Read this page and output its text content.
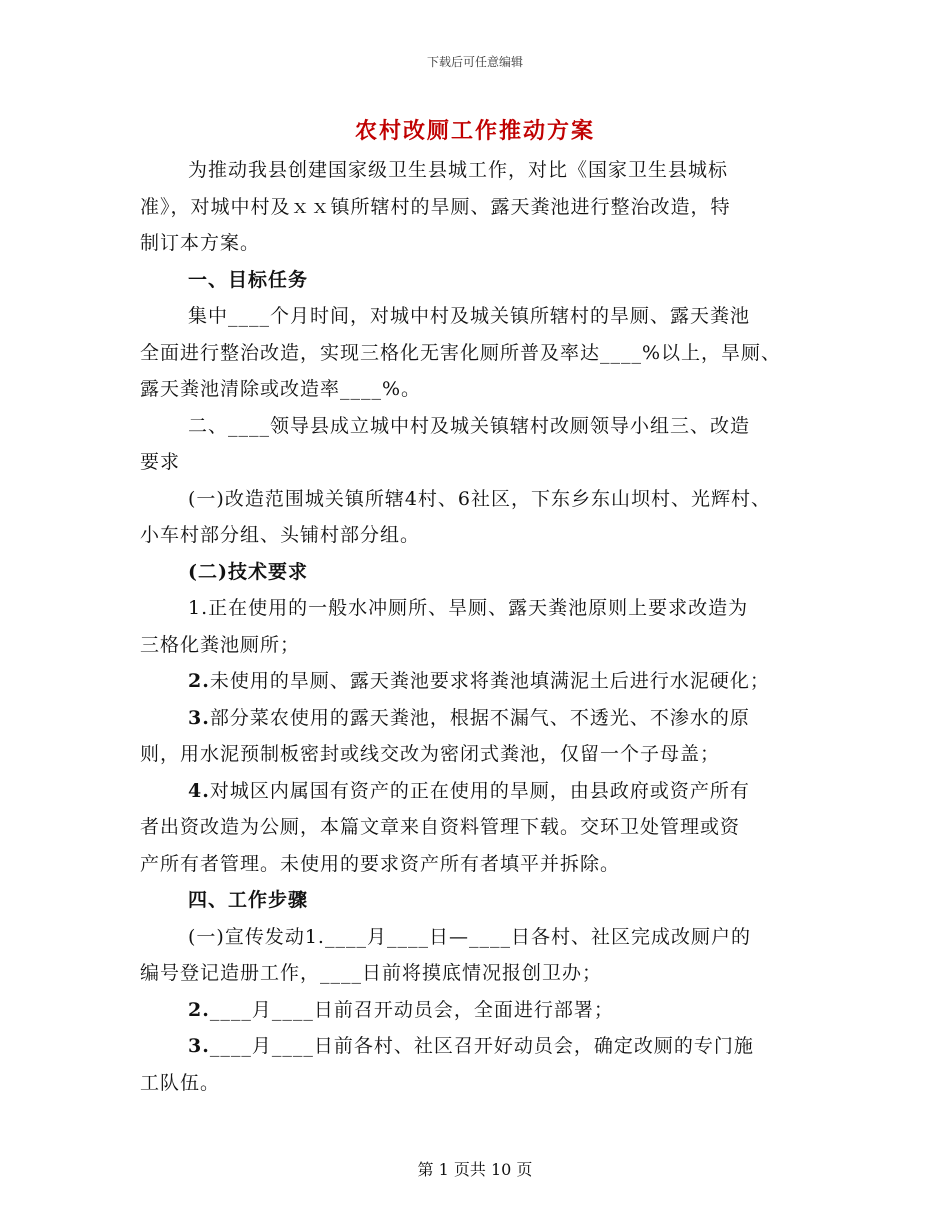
下载后可任意编辑
农村改厕工作推动方案
为推动我县创建国家级卫生县城工作，对比《国家卫生县城标
准》，对城中村及ｘｘ镇所辖村的旱厕、露天粪池进行整治改造，特
制订本方案。
一、目标任务
集中____个月时间，对城中村及城关镇所辖村的旱厕、露天粪池
全面进行整治改造，实现三格化无害化厕所普及率达____%以上，旱厕、
露天粪池清除或改造率____%。
二、____领导县成立城中村及城关镇辖村改厕领导小组三、改造
要求
(一)改造范围城关镇所辖4村、6社区，下东乡东山坝村、光辉村、
小车村部分组、头铺村部分组。
(二)技术要求
1.正在使用的一般水冲厕所、旱厕、露天粪池原则上要求改造为
三格化粪池厕所；
2.未使用的旱厕、露天粪池要求将粪池填满泥土后进行水泥硬化；
3.部分菜农使用的露天粪池，根据不漏气、不透光、不渗水的原
则，用水泥预制板密封或线交改为密闭式粪池，仅留一个子母盖；
4.对城区内属国有资产的正在使用的旱厕，由县政府或资产所有
者出资改造为公厕，本篇文章来自资料管理下载。交环卫处管理或资
产所有者管理。未使用的要求资产所有者填平并拆除。
四、工作步骤
(一)宣传发动1.____月____日—____日各村、社区完成改厕户的
编号登记造册工作，____日前将摸底情况报创卫办；
2.____月____日前召开动员会，全面进行部署；
3.____月____日前各村、社区召开好动员会，确定改厕的专门施
工队伍。
第 1 页共 10 页
